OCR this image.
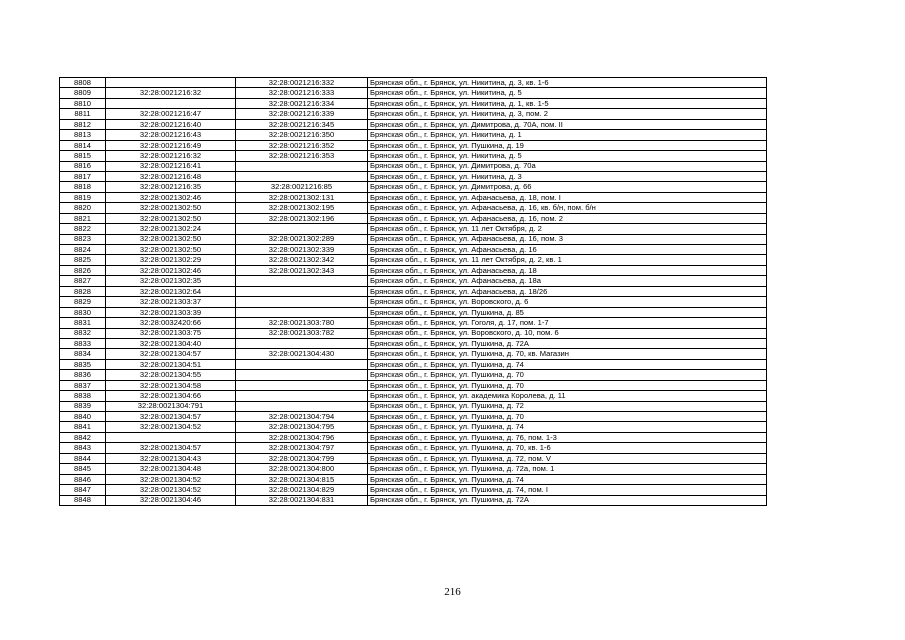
8808		32:28:0021216:332	Брянская обл., г. Брянск, ул. Никитина, д. 3, кв. 1-6
8809	32:28:0021216:32	32:28:0021216:333	Брянская обл., г. Брянск, ул. Никитина, д. 5
8810		32:28:0021216:334	Брянская обл., г. Брянск, ул. Никитина, д. 1, кв. 1-5
8811	32:28:0021216:47	32:28:0021216:339	Брянская обл., г. Брянск, ул. Никитина, д. 3, пом. 2
8812	32:28:0021216:40	32:28:0021216:345	Брянская обл., г. Брянск, ул. Димитрова, д. 70А, пом. II
8813	32:28:0021216:43	32:28:0021216:350	Брянская обл., г. Брянск, ул. Никитина, д. 1
8814	32:28:0021216:49	32:28:0021216:352	Брянская обл., г. Брянск, ул. Пушкина, д. 19
8815	32:28:0021216:32	32:28:0021216:353	Брянская обл., г. Брянск, ул. Никитина, д. 5
8816	32:28:0021216:41		Брянская обл., г. Брянск, ул. Димитрова, д. 70а
8817	32:28:0021216:48		Брянская обл., г. Брянск, ул. Никитина, д. 3
8818	32:28:0021216:35	32:28:0021216:85	Брянская обл., г. Брянск, ул. Димитрова, д. 66
8819	32:28:0021302:46	32:28:0021302:131	Брянская обл., г. Брянск, ул. Афанасьева, д. 18, пом. I
8820	32:28:0021302:50	32:28:0021302:195	Брянская обл., г. Брянск, ул. Афанасьева, д. 16, кв. б/н, пом. б/н
8821	32:28:0021302:50	32:28:0021302:196	Брянская обл., г. Брянск, ул. Афанасьева, д. 16, пом. 2
8822	32:28:0021302:24		Брянская обл., г. Брянск, ул. 11 лет Октября, д. 2
8823	32:28:0021302:50	32:28:0021302:289	Брянская обл., г. Брянск, ул. Афанасьева, д. 16, пом. 3
8824	32:28:0021302:50	32:28:0021302:339	Брянская обл., г. Брянск, ул. Афанасьева, д. 16
8825	32:28:0021302:29	32:28:0021302:342	Брянская обл., г. Брянск, ул. 11 лет Октября, д. 2, кв. 1
8826	32:28:0021302:46	32:28:0021302:343	Брянская обл., г. Брянск, ул. Афанасьева, д. 18
8827	32:28:0021302:35		Брянская обл., г. Брянск, ул. Афанасьева, д. 18а
8828	32:28:0021302:64		Брянская обл., г. Брянск, ул. Афанасьева, д. 18/26
8829	32:28:0021303:37		Брянская обл., г. Брянск, ул. Воровского, д. 6
8830	32:28:0021303:39		Брянская обл., г. Брянск, ул. Пушкина, д. 85
8831	32:28:0032420:66	32:28:0021303:780	Брянская обл., г. Брянск, ул. Гоголя, д. 17, пом. 1-7
8832	32:28:0021303:75	32:28:0021303:782	Брянская обл., г. Брянск, ул. Воровского, д. 10, пом. 6
8833	32:28:0021304:40		Брянская обл., г. Брянск, ул. Пушкина, д. 72А
8834	32:28:0021304:57	32:28:0021304:430	Брянская обл., г. Брянск, ул. Пушкина, д. 70, кв. Магазин
8835	32:28:0021304:51		Брянская обл., г. Брянск, ул. Пушкина, д. 74
8836	32:28:0021304:55		Брянская обл., г. Брянск, ул. Пушкина, д. 70
8837	32:28:0021304:58		Брянская обл., г. Брянск, ул. Пушкина, д. 70
8838	32:28:0021304:66		Брянская обл., г. Брянск, ул. академика Королева, д. 11
8839	32:28:0021304:791		Брянская обл., г. Брянск, ул. Пушкина, д. 72
8840	32:28:0021304:57	32:28:0021304:794	Брянская обл., г. Брянск, ул. Пушкина, д. 70
8841	32:28:0021304:52	32:28:0021304:795	Брянская обл., г. Брянск, ул. Пушкина, д. 74
8842		32:28:0021304:796	Брянская обл., г. Брянск, ул. Пушкина, д. 76, пом. 1-3
8843	32:28:0021304:57	32:28:0021304:797	Брянская обл., г. Брянск, ул. Пушкина, д. 70, кв. 1-6
8844	32:28:0021304:43	32:28:0021304:799	Брянская обл., г. Брянск, ул. Пушкина, д. 72, пом. V
8845	32:28:0021304:48	32:28:0021304:800	Брянская обл., г. Брянск, ул. Пушкина, д. 72а, пом. 1
8846	32:28:0021304:52	32:28:0021304:815	Брянская обл., г. Брянск, ул. Пушкина, д. 74
8847	32:28:0021304:52	32:28:0021304:829	Брянская обл., г. Брянск, ул. Пушкина, д. 74, пом. I
8848	32:28:0021304:46	32:28:0021304:831	Брянская обл., г. Брянск, ул. Пушкина, д. 72А
216
